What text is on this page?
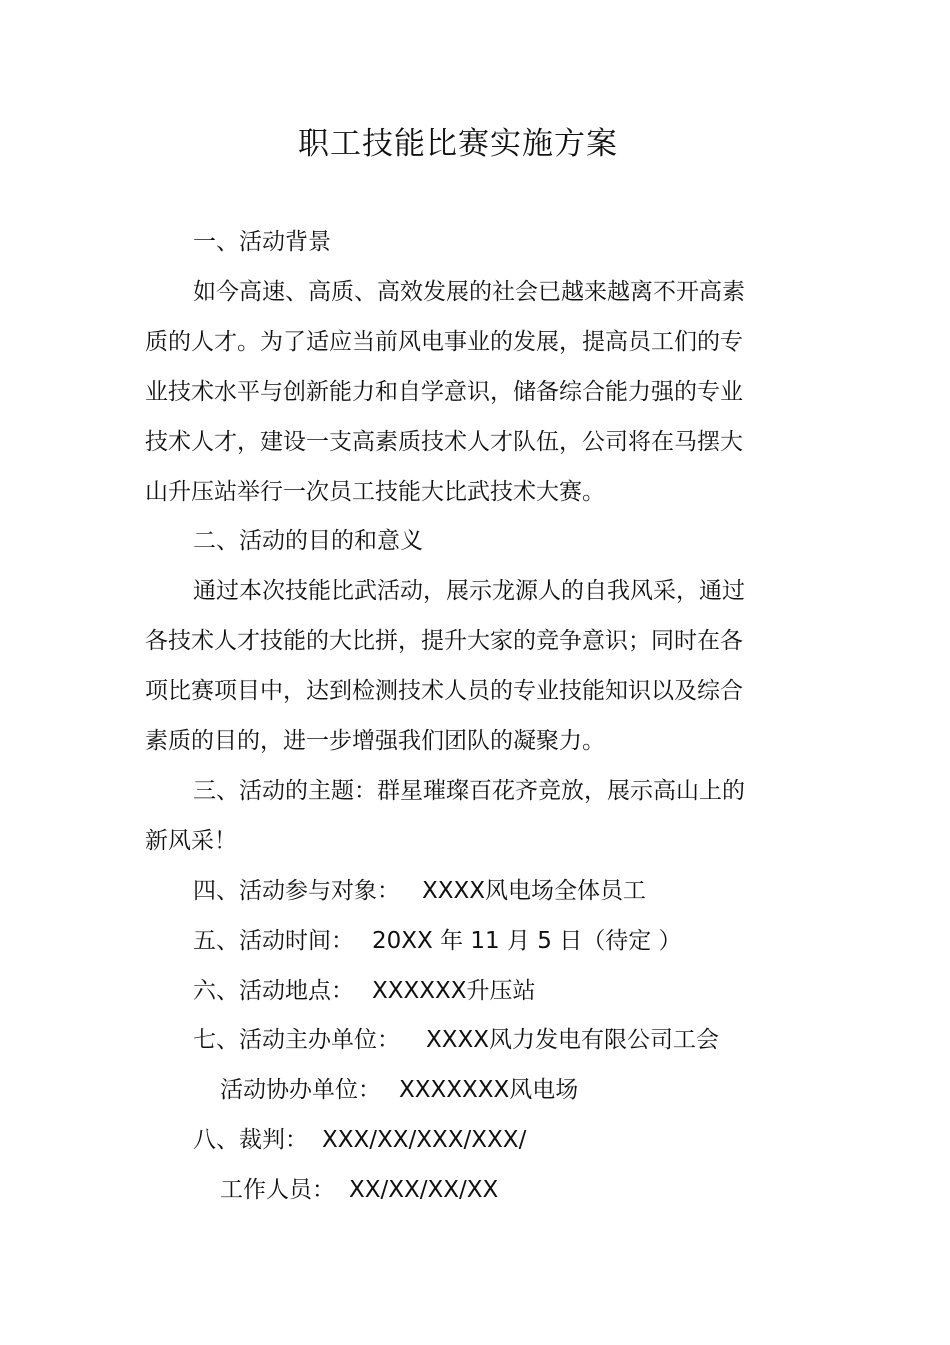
职工技能比赛实施方案
一、活动背景
如今高速、高质、高效发展的社会已越来越离不开高素
质的人才。为了适应当前风电事业的发展，提高员工们的专
业技术水平与创新能力和自学意识，储备综合能力强的专业
技术人才，建设一支高素质技术人才队伍，公司将在马摆大
山升压站举行一次员工技能大比武技术大赛。
二、活动的目的和意义
通过本次技能比武活动，展示龙源人的自我风采，通过
各技术人才技能的大比拼，提升大家的竞争意识；同时在各
项比赛项目中，达到检测技术人员的专业技能知识以及综合
素质的目的，进一步增强我们团队的凝聚力。
三、活动的主题：群星璀璨百花齐竞放，展示高山上的
新风采！
四、活动参与对象： XXXX风电场全体员工
五、活动时间： 20XX 年 11 月 5 日（待定 ）
六、活动地点： XXXXXX升压站
七、活动主办单位： XXXX风力发电有限公司工会
活动协办单位： XXXXXXX风电场
八、裁判： XXX/XX/XXX/XXX/
工作人员： XX/XX/XX/XX
